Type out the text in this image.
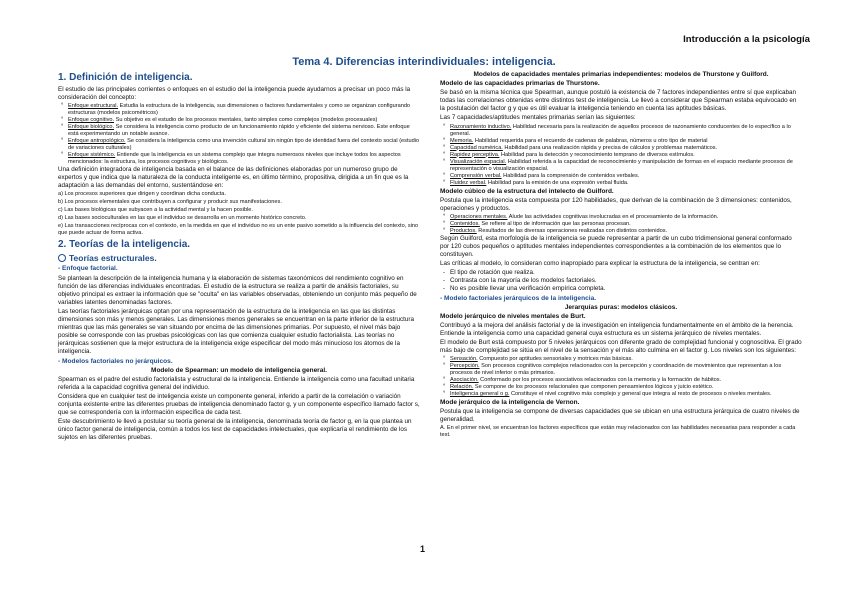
Introducción a la psicología
Tema 4. Diferencias interindividuales: inteligencia.
1. Definición de inteligencia.

El estudio de las principales corrientes o enfoques en el estudio del la inteligencia puede ayudarnos a precisar un poco más la consideración del concepto:

° Enfoque estructural. Estudia la estructura de la inteligencia, sus dimensiones o factores fundamentales y como se organizan configurando estructuras (modelos psicométricos)
° Enfoque cognitivo. Su objetivo es el estudio de los procesos mentales, tanto simples como complejos (modelos procesuales)
° Enfoque biológico. Se considera la inteligencia como producto de un funcionamiento rápido y eficiente del sistema nervioso. Este enfoque está experimentando un notable avance.
° Enfoque antropológico. Se considera la inteligencia como una invención cultural sin ningún tipo de identidad fuera del contexto social (estudio de variaciones culturales)
° Enfoque sistémico. Entiende que la inteligencia es un sistema complejo que integra numerosos niveles que incluye todos los aspectos mencionados: la estructura, los procesos cognitivos y biológicos.

Una definición integradora de inteligencia basada en el balance de las definiciones elaboradas por un numeroso grupo de expertos y que indica que la naturaleza de la conducta inteligente es, en último término, propositiva, dirigida a un fin que es la adaptación a las demandas del entorno, sustentándose en:

a) Los procesos superiores que dirigen y coordinan dicha conducta.

b) Los procesos elementales que contribuyen a configurar y producir sus manifestaciones.

c) Las bases biológicas que subyacen a la actividad mental y la hacen posible.

d) Las bases socioculturales en las que el individuo se desarrolla en un momento histórico concreto.

e) Las transacciones recíprocas con el contexto, en la medida en que el individuo no es un ente pasivo sometido a la influencia del contexto, sino que puede actuar de forma activa.

2. Teorías de la inteligencia.
Teorías estructurales.
- Enfoque factorial.

Se plantean la descripción de la inteligencia humana y la elaboración de sistemas taxonómicos del rendimiento cognitivo en función de las diferencias individuales encontradas. El estudio de la estructura se realiza a partir de análisis factoriales, su objetivo principal es extraer la información que se "oculta" en las variables observadas, obteniendo un conjunto más pequeño de variables latentes denominadas factores.

Las teorías factoriales jerárquicas optan por una representación de la estructura de la inteligencia en las que las distintas dimensiones son más y menos generales. Las dimensiones menos generales se encuentran en la parte inferior de la estructura mientras que las más generales se van situando por encima de las dimensiones primarias. Por supuesto, el nivel más bajo posible se corresponde con las pruebas psicológicas con las que comienza cualquier estudio factorialista. Las teorías no jerárquicas sostienen que la mejor estructura de la inteligencia exige especificar del modo más minucioso los átomos de la inteligencia.

- Modelos factoriales no jerárquicos.
Modelo de Spearman: un modelo de inteligencia general.

Spearman es el padre del estudio factorialista y estructural de la inteligencia. Entiende la inteligencia como una facultad unitaria referida a la capacidad cognitiva general del individuo.

Considera que en cualquier test de inteligencia existe un componente general, inferido a partir de la correlación o variación conjunta existente entre las diferentes pruebas de inteligencia denominado factor g, y un componente específico llamado factor s, que se correspondería con la información específica de cada test.

Este descubrimiento le llevó a postular su teoría general de la inteligencia, denominada teoría de factor g, en la que plantea un único factor general de inteligencia, común a todos los test de capacidades intelectuales, que explicaría el rendimiento de los sujetos en las diferentes pruebas.

Modelos de capacidades mentales primarias independientes: modelos de Thurstone y Guilford.
Modelo de las capacidades primarias de Thurstone.

Se basó en la misma técnica que Spearman, aunque postuló la existencia de 7 factores independientes entre sí que explicaban todas las correlaciones obtenidas entre distintos test de inteligencia. Le llevó a considerar que Spearman estaba equivocado en la postulación del factor g y que es útil evaluar la inteligencia teniendo en cuenta las aptitudes básicas.

Las 7 capacidades/aptitudes mentales primarias serían las siguientes:

° Razonamiento inductivo. Habilidad necesaria para la realización de aquellos procesos de razonamiento conducentes de lo específico a lo general.
° Memoria. Habilidad requerida para el recuerdo de cadenas de palabras, números u otro tipo de material
° Capacidad numérica. Habilidad para una realización rápida y precisa de cálculos y problemas matemáticos.
° Rapidez perceptiva. Habilidad para la detección y reconocimiento temprano de diversos estímulos.
° Visualización espacial. Habilidad referida a la capacidad de reconocimiento y manipulación de formas en el espacio mediante procesos de representación o visualización espacial.
° Comprensión verbal. Habilidad para la comprensión de contenidos verbales.
° Fluidez verbal. Habilidad para la emisión de una expresión verbal fluida.
Modelo cúbico de la estructura del intelecto de Guilford.

Postula que la inteligencia esta compuesta por 120 habilidades, que derivan de la combinación de 3 dimensiones: contenidos, operaciones y productos.

° Operaciones mentales. Alude las actividades cognitivas involucradas en el procesamiento de la información.
° Contenidos. Se refiere al tipo de información que las personas procesan.
° Productos. Resultados de las diversas operaciones realizadas con distintos contenidos.

Según Guilford, esta morfología de la inteligencia se puede representar a partir de un cubo tridimensional general conformado por 120 cubos pequeños o aptitudes mentales independientes correspondientes a la combinación de los elementos que lo constituyen.

Las críticas al modelo, lo consideran como inapropiado para explicar la estructura de la inteligencia, se centran en:

- El tipo de rotación que realiza.
- Contrasta con la mayoría de los modelos factoriales.
- No es posible llevar una verificación empírica completa.
- Modelo factoriales jerárquicos de la inteligencia.
Jerarquías puras: modelos clásicos.
Modelo jerárquico de niveles mentales de Burt.

Contribuyó a la mejora del análisis factorial y de la investigación en inteligencia fundamentalmente en el ámbito de la herencia. Entiende la inteligencia como una capacidad general cuya estructura es un sistema jerárquico de niveles mentales.

El modelo de Burt está compuesto por 5 niveles jerárquicos con diferente grado de complejidad funcional y cognoscitiva. El grado más bajo de complejidad se sitúa en el nivel de la sensación y el más alto culmina en el factor g. Los niveles son los siguientes:

° Sensación. Compuesto por aptitudes sensoriales y motrices más básicas.
° Percepción. Son procesos cognitivos complejos relacionados con la percepción y coordinación de movimientos que representan a los procesos de nivel inferior o más primarios.
° Asociación. Conformado por los procesos asociativos relacionados con la memoria y la formación de hábitos.
° Relación. Se compone de los procesos relacionales que componen pensamientos lógicos y juicio estético.
° Inteligencia general o g. Constituye el nivel cognitivo más complejo y general que integra al resto de procesos o niveles mentales.
Mode jerárquico de la inteligencia de Vernon.

Postula que la inteligencia se compone de diversas capacidades que se ubican en una estructura jerárquica de cuatro niveles de generalidad.

A. En el primer nivel, se encuentran los factores específicos que están muy relacionados con las habilidades necesarias para responder a cada test.

1
